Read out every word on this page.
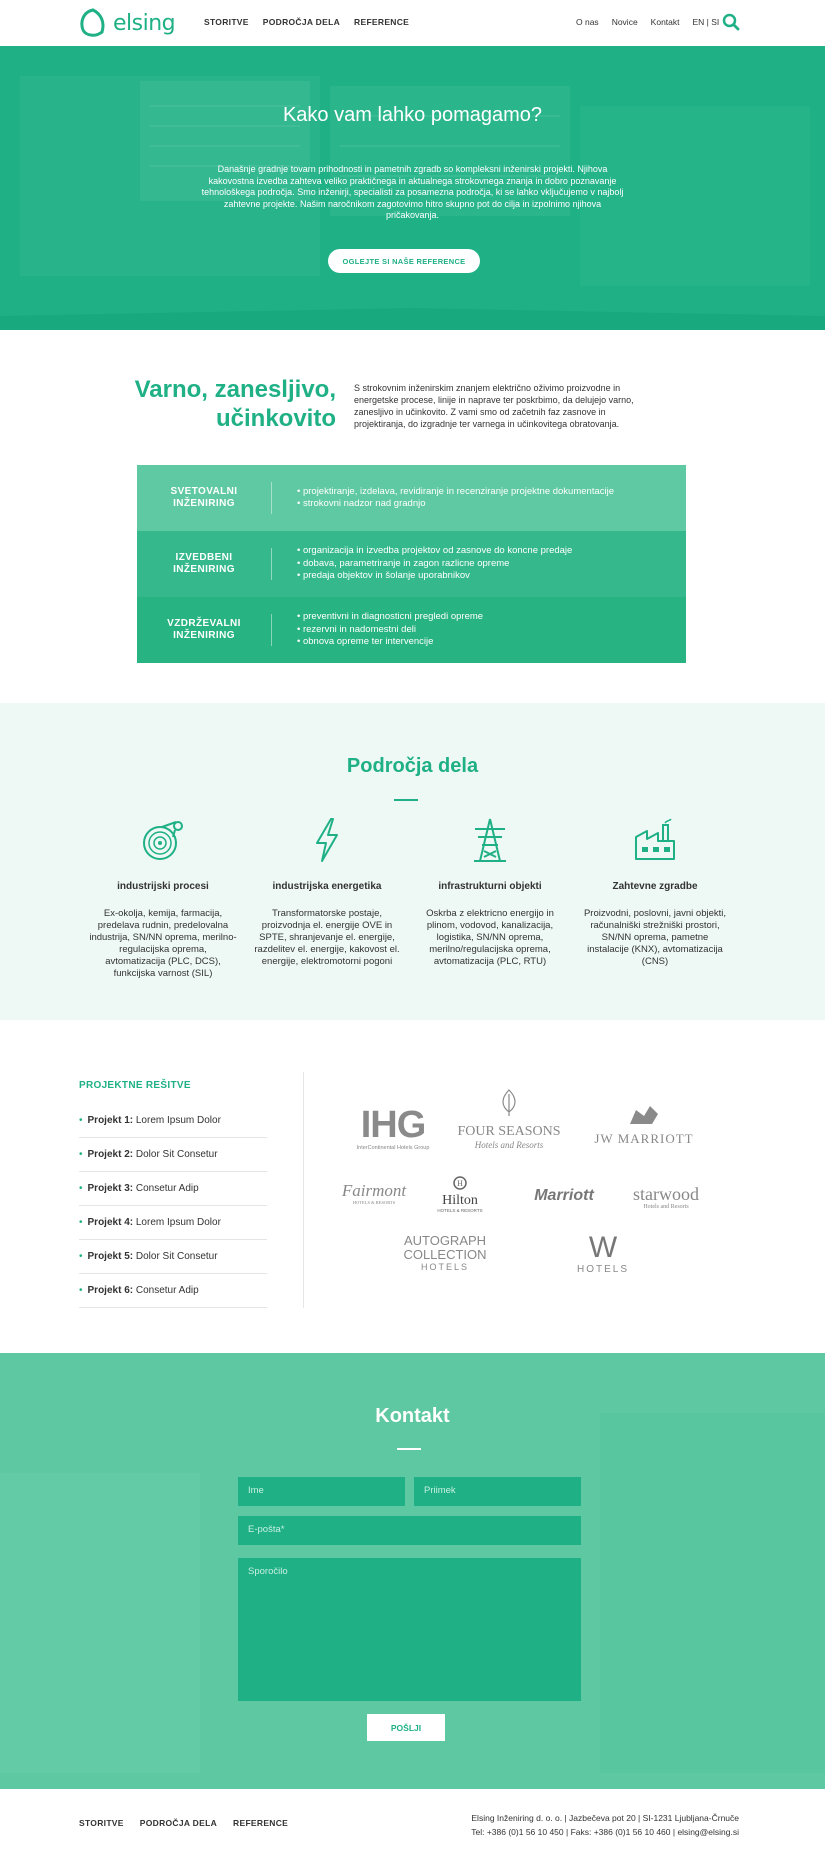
elsing	STORITVE PODROČJA DELA REFERENCE	O nas Novice Kontakt EN | SI
Kako vam lahko pomagamo?
Današnje gradnje tovarn prihodnosti in pametnih zgradb so kompleksni inženirski projekti. Njihova kakovostna izvedba zahteva veliko praktičnega in aktualnega strokovnega znanja in dobro poznavanje tehnološkega področja. Smo inženirji, specialisti za posamezna področja, ki se lahko vključujemo v najbolj zahtevne projekte. Našim naročnikom zagotovimo hitro skupno pot do cilja in izpolnimo njihova pričakovanja.
OGLEJTE SI NAŠE REFERENCE
Varno, zanesljivo,
učinkovito
S strokovnim inženirskim znanjem električno oživimo proizvodne in energetske procese, linije in naprave ter poskrbimo, da delujejo varno, zanesljivo in učinkovito. Z vami smo od začetnih faz zasnove in projektiranja, do izgradnje ter varnega in učinkovitega obratovanja.
SVETOVALNI
INŽENIRING
• projektiranje, izdelava, revidiranje in recenziranje projektne dokumentacije
• strokovni nadzor nad gradnjo
IZVEDBENI
INŽENIRING
• organizacija in izvedba projektov od zasnove do koncne predaje
• dobava, parametriranje in zagon razlicne opreme
• predaja objektov in šolanje uporabnikov
VZDRŽEVALNI
INŽENIRING
• preventivni in diagnosticni pregledi opreme
• rezervni in nadomestni deli
• obnova opreme ter intervencije
Področja dela
industrijski procesi
Ex-okolja, kemija, farmacija, predelava rudnin, predelovalna industrija, SN/NN oprema, merilno-regulacijska oprema, avtomatizacija (PLC, DCS), funkcijska varnost (SIL)
industrijska energetika
Transformatorske postaje, proizvodnja el. energije OVE in SPTE, shranjevanje el. energije, razdelitev el. energije, kakovost el. energije, elektromotorni pogoni
infrastrukturni objekti
Oskrba z elektricno energijo in plinom, vodovod, kanalizacija, logistika, SN/NN oprema, merilno/regulacijska oprema, avtomatizacija (PLC, RTU)
Zahtevne zgradbe
Proizvodni, poslovni, javni objekti, računalniški strežniški prostori, SN/NN oprema, pametne instalacije (KNX), avtomatizacija (CNS)
PROJEKTNE REŠITVE
• Projekt 1:
Lorem Ipsum Dolor
• Projekt 2:
Dolor Sit Consetur
• Projekt 3:
Consetur Adip
• Projekt 4:
Lorem Ipsum Dolor
• Projekt 5:
Dolor Sit Consetur
• Projekt 6:
Consetur Adip
IHG
InterContinental Hotels Group
FOUR SEASONS
Hotels and Resorts	JW MARRIOTT
Fairmont
HOTELS & RESORTS
H
Hilton
HOTELS & RESORTS
Marriott	starwood
Hotels and Resorts
AUTOGRAPH
COLLECTION
HOTELS
W
HOTELS
Kontakt
Ime	Priimek
E-pošta*
Sporočilo
POŠLJI
STORITVE PODROČJA DELA REFERENCE	Elsing Inženiring d. o. o. | Jazbečeva pot 20 | SI-1231 Ljubljana-Črnuče
Tel: +386 (0)1 56 10 450 | Faks: +386 (0)1 56 10 460 | elsing@elsing.si
